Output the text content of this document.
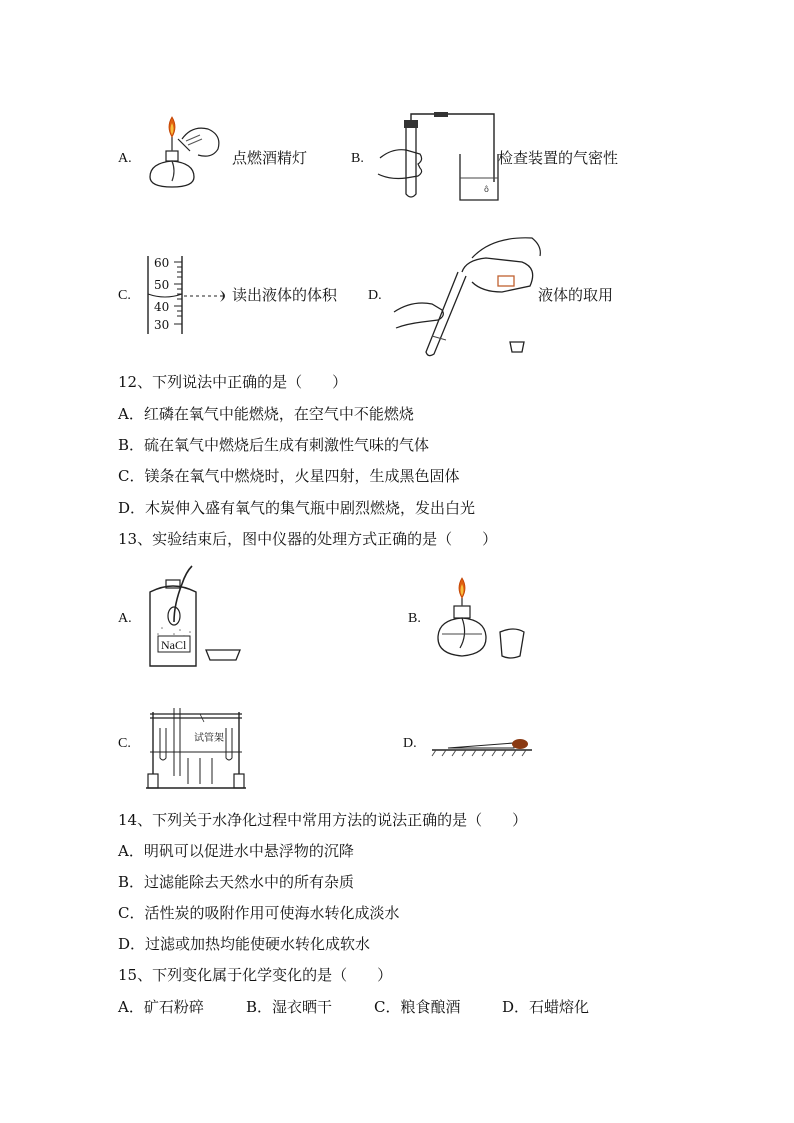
A.	点燃酒精灯	B.
ô
检查装置的气密性
C.
60
50
40
30
读出液体的体积 D.	液体的取用
12、下列说法中正确的是（　　）
A．红磷在氧气中能燃烧，在空气中不能燃烧
B．硫在氧气中燃烧后生成有刺激性气味的气体
C．镁条在氧气中燃烧时，火星四射，生成黑色固体
D．木炭伸入盛有氧气的集气瓶中剧烈燃烧，发出白光
13、实验结束后，图中仪器的处理方式正确的是（　　）
A.
NaCl
B.
C.	试管架	D.
14、下列关于水净化过程中常用方法的说法正确的是（　　）
A．明矾可以促进水中悬浮物的沉降
B．过滤能除去天然水中的所有杂质
C．活性炭的吸附作用可使海水转化成淡水
D．过滤或加热均能使硬水转化成软水
15、下列变化属于化学变化的是（　　）
A．矿石粉碎	B．湿衣晒干	C．粮食酿酒	D．石蜡熔化
